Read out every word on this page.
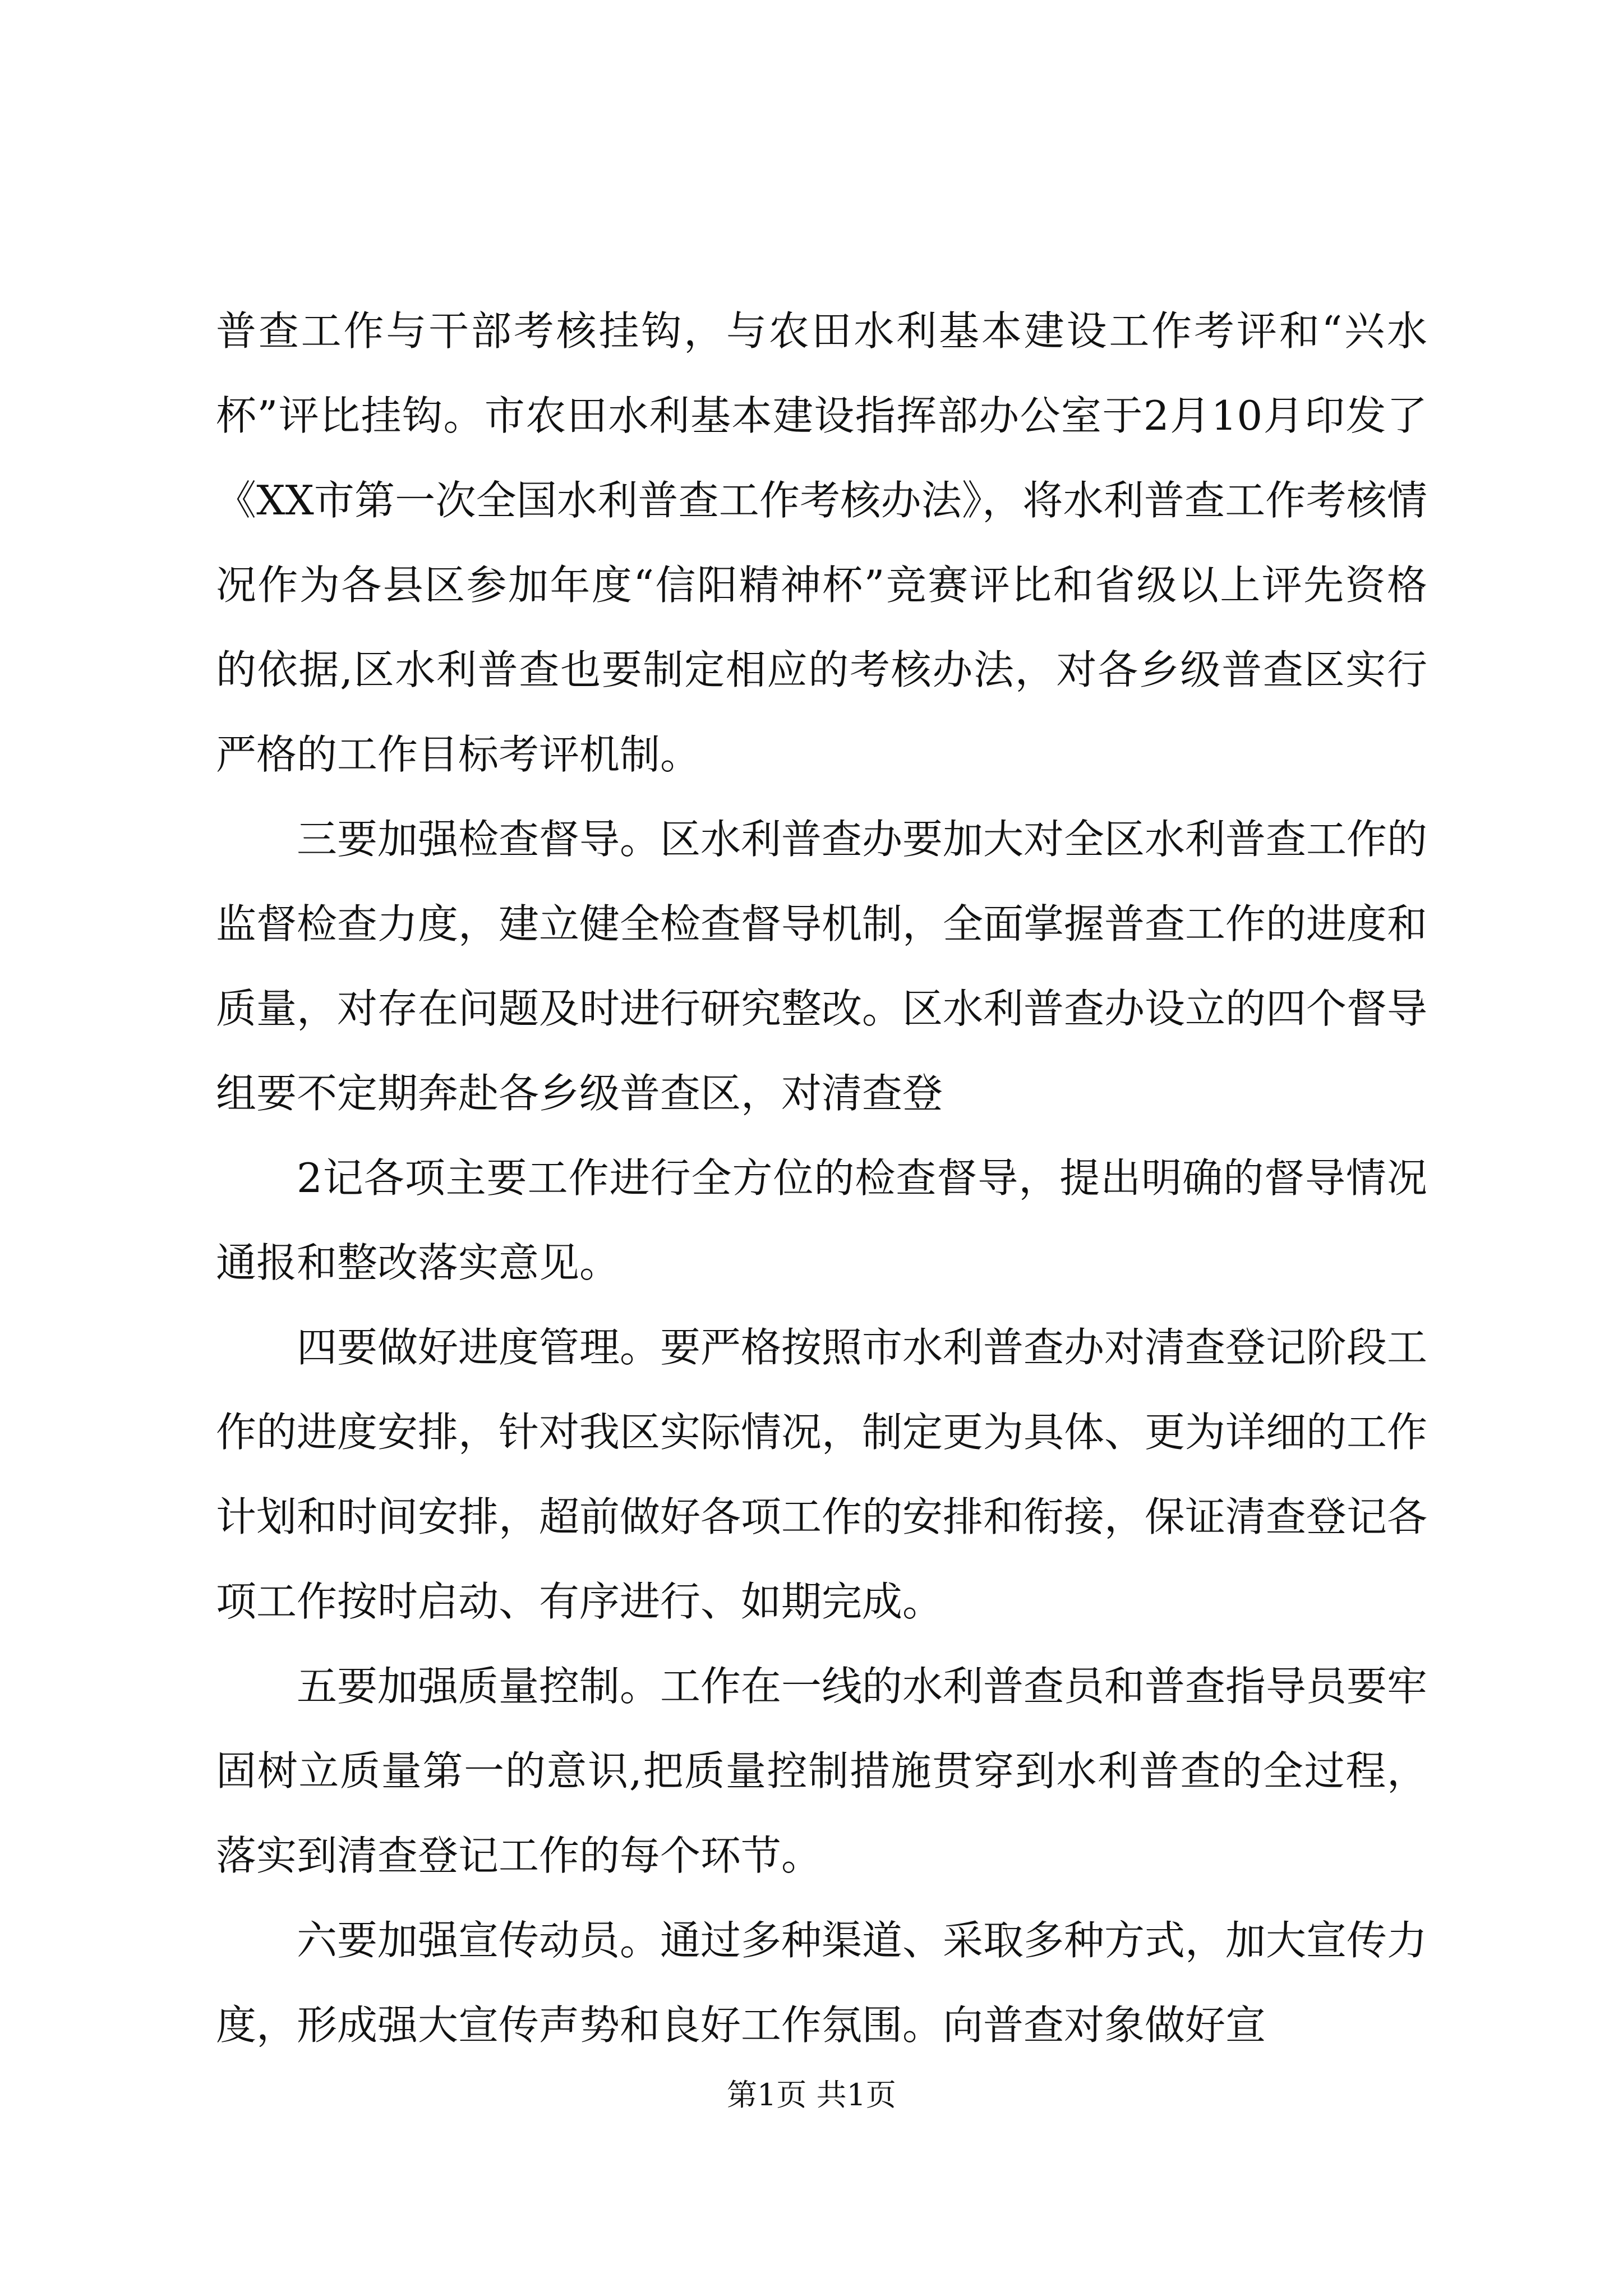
普查工作与干部考核挂钩，与农田水利基本建设工作考评和“兴水杯”评比挂钩。市农田水利基本建设指挥部办公室于2月10月印发了《XX市第一次全国水利普查工作考核办法》，将水利普查工作考核情况作为各县区参加年度“信阳精神杯”竞赛评比和省级以上评先资格的依据,区水利普查也要制定相应的考核办法，对各乡级普查区实行严格的工作目标考评机制。

三要加强检查督导。区水利普查办要加大对全区水利普查工作的监督检查力度，建立健全检查督导机制，全面掌握普查工作的进度和质量，对存在问题及时进行研究整改。区水利普查办设立的四个督导组要不定期奔赴各乡级普查区，对清查登

2记各项主要工作进行全方位的检查督导，提出明确的督导情况通报和整改落实意见。

四要做好进度管理。要严格按照市水利普查办对清查登记阶段工作的进度安排，针对我区实际情况，制定更为具体、更为详细的工作计划和时间安排，超前做好各项工作的安排和衔接，保证清查登记各项工作按时启动、有序进行、如期完成。

五要加强质量控制。工作在一线的水利普查员和普查指导员要牢固树立质量第一的意识,把质量控制措施贯穿到水利普查的全过程，落实到清查登记工作的每个环节。

六要加强宣传动员。通过多种渠道、采取多种方式，加大宣传力度，形成强大宣传声势和良好工作氛围。向普查对象做好宣

第1页 共1页
